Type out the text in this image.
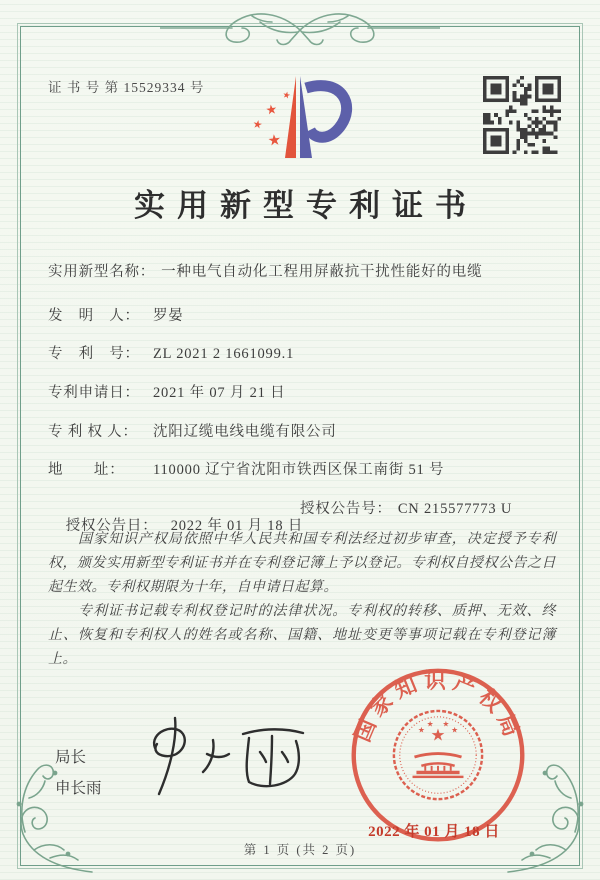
证 书 号 第 15529334 号
★
★
★
★
实用新型专利证书
实用新型名称： 一种电气自动化工程用屏蔽抗干扰性能好的电缆
发　明　人： 罗晏
专　利　号： ZL 2021 2 1661099.1
专利申请日： 2021 年 07 月 21 日
专 利 权 人： 沈阳辽缆电线电缆有限公司
地　　址： 110000 辽宁省沈阳市铁西区保工南街 51 号

授权公告日： 2022 年 01 月 18 日

授权公告号： CN 215577773 U

国家知识产权局依照中华人民共和国专利法经过初步审查，决定授予专利权，颁发实用新型专利证书并在专利登记簿上予以登记。专利权自授权公告之日起生效。专利权期限为十年，自申请日起算。

专利证书记载专利权登记时的法律状况。专利权的转移、质押、无效、终止、恢复和专利权人的姓名或名称、国籍、地址变更等事项记载在专利登记簿上。

局长
申长雨
国家知识产权局
★
★
★ ★
★
2022 年 01 月 18 日
第 1 页 (共 2 页)
